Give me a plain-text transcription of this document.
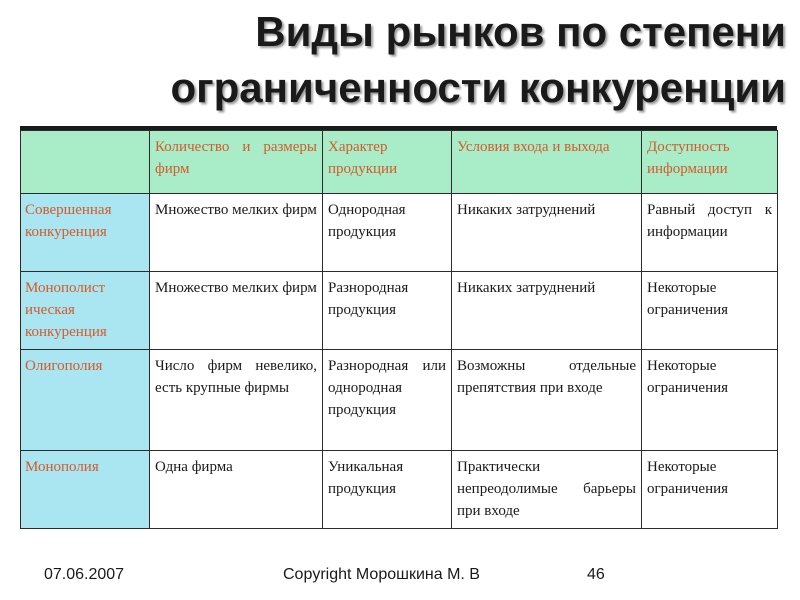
Виды рынков по степени
ограниченности конкуренции
	Количество и размеры фирм	Характер продукции	Условия входа и выхода	Доступность информации
Совершенная конкуренция	Множество мелких фирм	Однородная продукция	Никаких затруднений	Равный доступ к информации
Монополист ическая конкуренция	Множество мелких фирм	Разнородная продукция	Никаких затруднений	Некоторые ограничения
Олигополия	Число фирм невелико, есть крупные фирмы	Разнородная или однородная продукция	Возможны отдельные препятствия при входе	Некоторые ограничения
Монополия	Одна фирма	Уникальная продукция	Практически непреодолимые барьеры при входе	Некоторые ограничения
07.06.2007	Copyright Морошкина М. В	46
